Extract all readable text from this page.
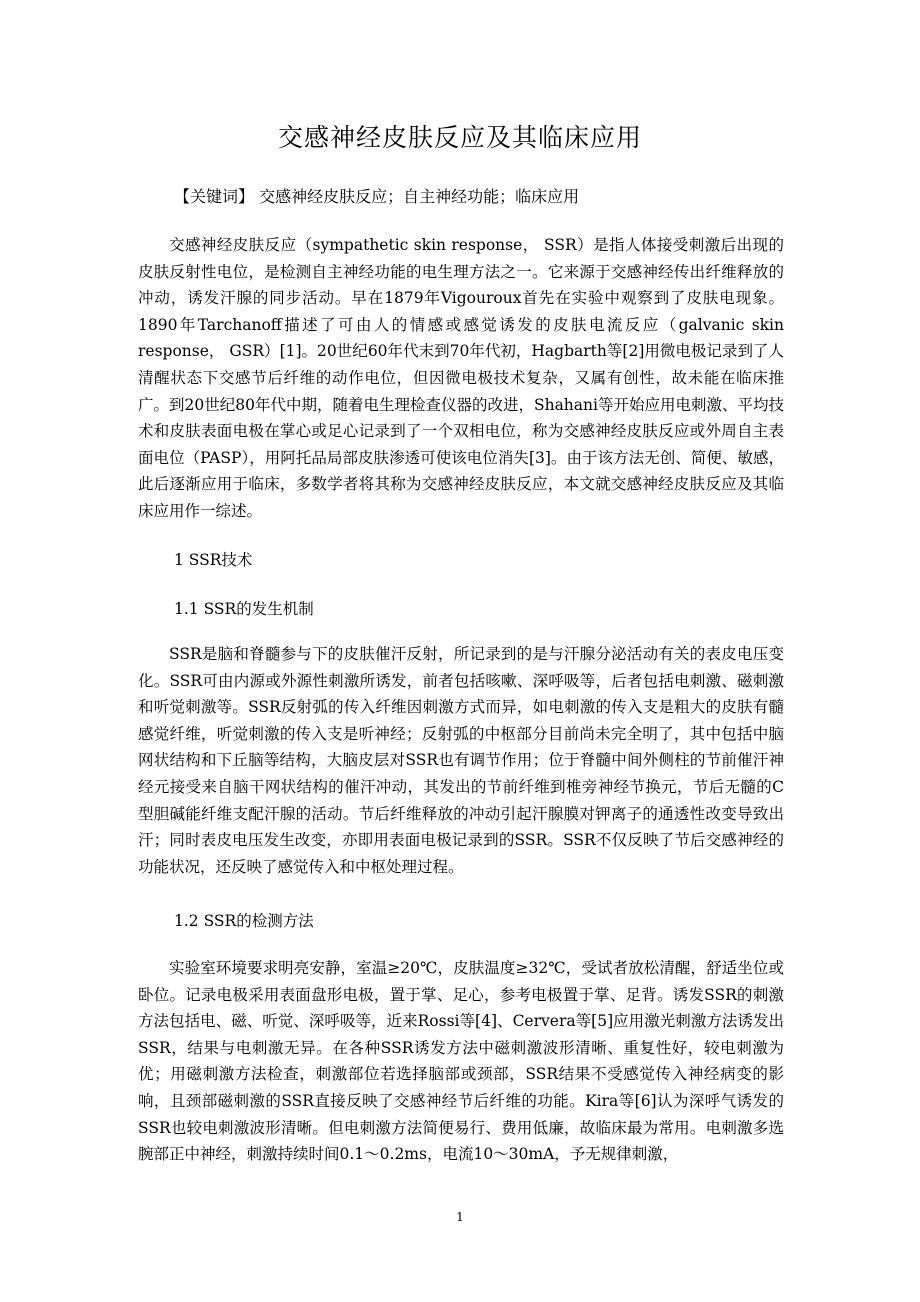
交感神经皮肤反应及其临床应用
【关键词】 交感神经皮肤反应；自主神经功能；临床应用

交感神经皮肤反应（sympathetic skin response， SSR）是指人体接受刺激后出现的皮肤反射性电位，是检测自主神经功能的电生理方法之一。它来源于交感神经传出纤维释放的冲动，诱发汗腺的同步活动。早在1879年Vigouroux首先在实验中观察到了皮肤电现象。1890年Tarchanoff描述了可由人的情感或感觉诱发的皮肤电流反应（galvanic skin response， GSR）[1]。20世纪60年代末到70年代初，Hagbarth等[2]用微电极记录到了人清醒状态下交感节后纤维的动作电位，但因微电极技术复杂，又属有创性，故未能在临床推广。到20世纪80年代中期，随着电生理检查仪器的改进，Shahani等开始应用电刺激、平均技术和皮肤表面电极在掌心或足心记录到了一个双相电位，称为交感神经皮肤反应或外周自主表面电位（PASP），用阿托品局部皮肤渗透可使该电位消失[3]。由于该方法无创、简便、敏感，此后逐渐应用于临床，多数学者将其称为交感神经皮肤反应，本文就交感神经皮肤反应及其临床应用作一综述。

1 SSR技术
1.1 SSR的发生机制

SSR是脑和脊髓参与下的皮肤催汗反射，所记录到的是与汗腺分泌活动有关的表皮电压变化。SSR可由内源或外源性刺激所诱发，前者包括咳嗽、深呼吸等，后者包括电刺激、磁刺激和听觉刺激等。SSR反射弧的传入纤维因刺激方式而异，如电刺激的传入支是粗大的皮肤有髓感觉纤维，听觉刺激的传入支是听神经；反射弧的中枢部分目前尚未完全明了，其中包括中脑网状结构和下丘脑等结构，大脑皮层对SSR也有调节作用；位于脊髓中间外侧柱的节前催汗神经元接受来自脑干网状结构的催汗冲动，其发出的节前纤维到椎旁神经节换元，节后无髓的C型胆碱能纤维支配汗腺的活动。节后纤维释放的冲动引起汗腺膜对钾离子的通透性改变导致出汗；同时表皮电压发生改变，亦即用表面电极记录到的SSR。SSR不仅反映了节后交感神经的功能状况，还反映了感觉传入和中枢处理过程。

1.2 SSR的检测方法

实验室环境要求明亮安静，室温≥20℃，皮肤温度≥32℃，受试者放松清醒，舒适坐位或卧位。记录电极采用表面盘形电极，置于掌、足心，参考电极置于掌、足背。诱发SSR的刺激方法包括电、磁、听觉、深呼吸等，近来Rossi等[4]、Cervera等[5]应用激光刺激方法诱发出SSR，结果与电刺激无异。在各种SSR诱发方法中磁刺激波形清晰、重复性好，较电刺激为优；用磁刺激方法检查，刺激部位若选择脑部或颈部，SSR结果不受感觉传入神经病变的影响，且颈部磁刺激的SSR直接反映了交感神经节后纤维的功能。Kira等[6]认为深呼气诱发的SSR也较电刺激波形清晰。但电刺激方法简便易行、费用低廉，故临床最为常用。电刺激多选腕部正中神经，刺激持续时间0.1～0.2ms，电流10～30mA，予无规律刺激，

1
